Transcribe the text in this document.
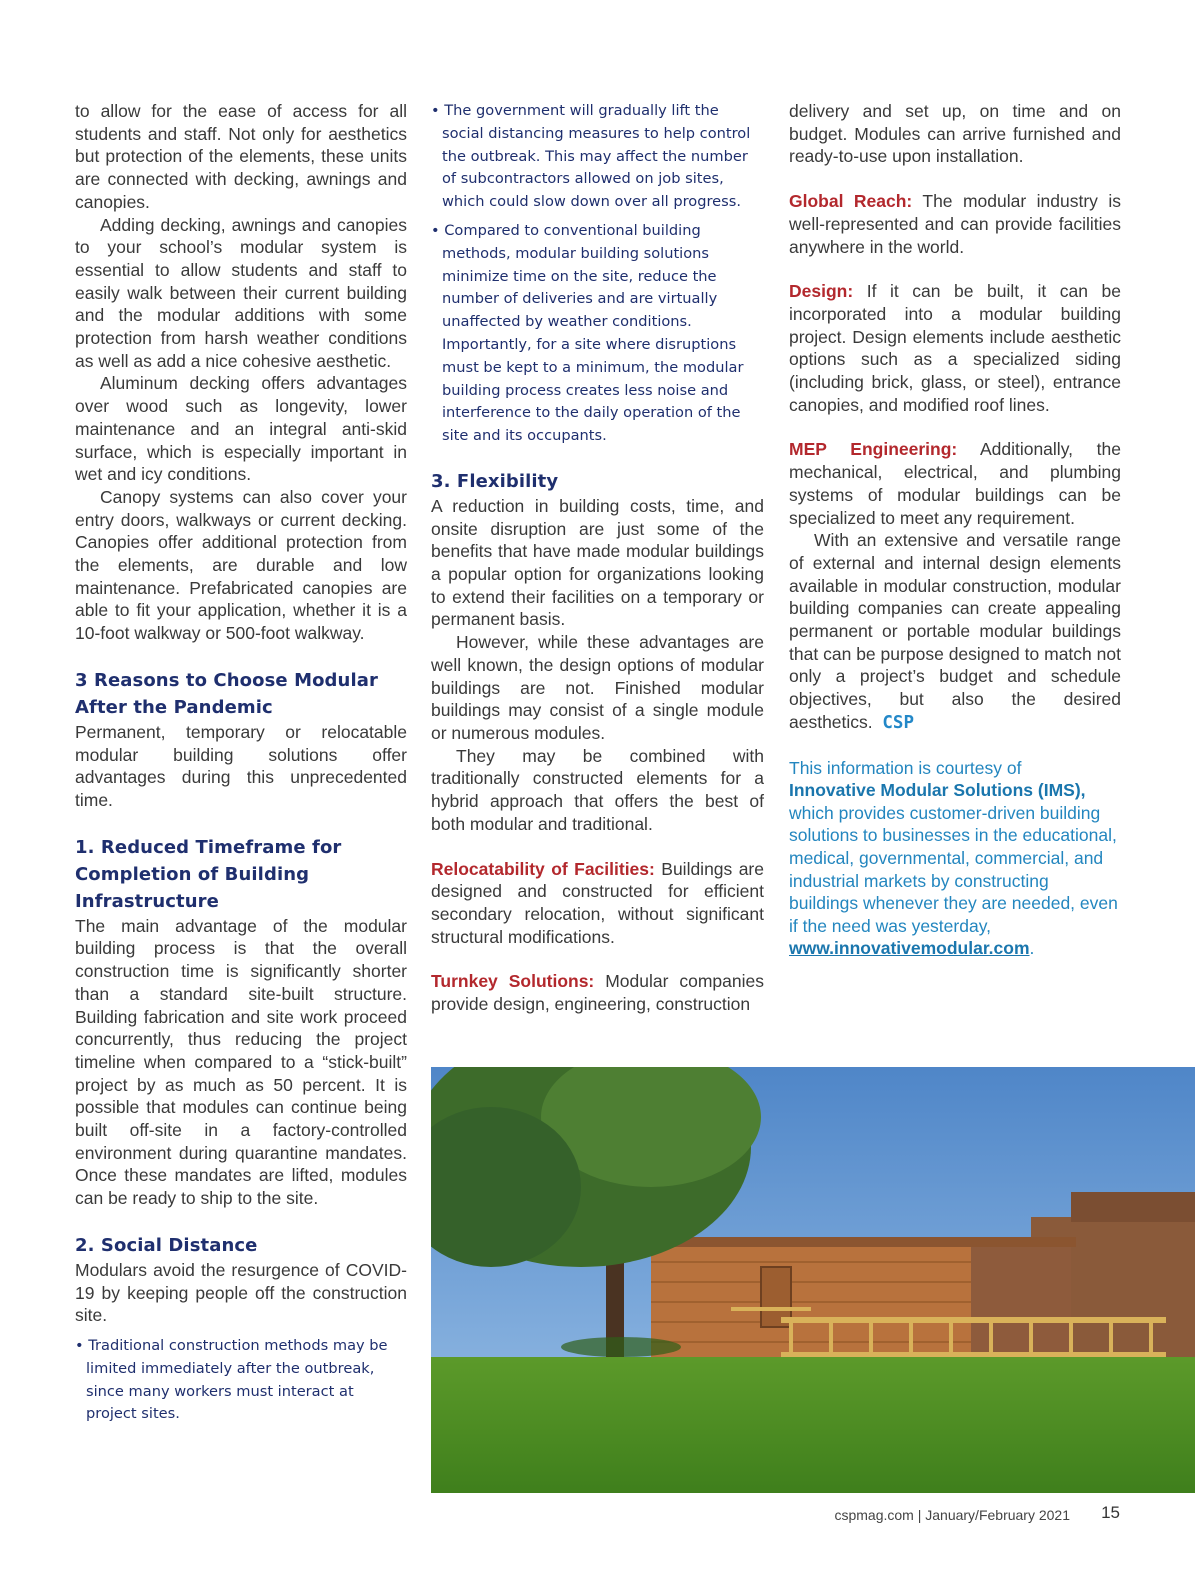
to allow for the ease of access for all students and staff. Not only for aesthetics but protection of the elements, these units are connected with decking, awnings and canopies.

Adding decking, awnings and canopies to your school’s modular system is essential to allow students and staff to easily walk between their current building and the modular additions with some protection from harsh weather conditions as well as add a nice cohesive aesthetic.

Aluminum decking offers advantages over wood such as longevity, lower maintenance and an integral anti-skid surface, which is especially important in wet and icy conditions.

Canopy systems can also cover your entry doors, walkways or current decking. Canopies offer additional protection from the elements, are durable and low maintenance. Prefabricated canopies are able to fit your application, whether it is a 10-foot walkway or 500-foot walkway.

3 Reasons to Choose Modular After the Pandemic

Permanent, temporary or relocatable modular building solutions offer advantages during this unprecedented time.

1. Reduced Timeframe for Completion of Building Infrastructure

The main advantage of the modular building process is that the overall construction time is significantly shorter than a standard site-built structure. Building fabrication and site work proceed concurrently, thus reducing the project timeline when compared to a “stick-built” project by as much as 50 percent. It is possible that modules can continue being built off-site in a factory-controlled environment during quarantine mandates. Once these mandates are lifted, modules can be ready to ship to the site.

2. Social Distance

Modulars avoid the resurgence of COVID-19 by keeping people off the construction site.

• Traditional construction methods may be limited immediately after the outbreak, since many workers must interact at project sites.
• The government will gradually lift the social distancing measures to help control the outbreak. This may affect the number of subcontractors allowed on job sites, which could slow down over all progress.
• Compared to conventional building methods, modular building solutions minimize time on the site, reduce the number of deliveries and are virtually unaffected by weather conditions. Importantly, for a site where disruptions must be kept to a minimum, the modular building process creates less noise and interference to the daily operation of the site and its occupants.
3. Flexibility

A reduction in building costs, time, and onsite disruption are just some of the benefits that have made modular buildings a popular option for organizations looking to extend their facilities on a temporary or permanent basis.

However, while these advantages are well known, the design options of modular buildings are not. Finished modular buildings may consist of a single module or numerous modules.

They may be combined with traditionally constructed elements for a hybrid approach that offers the best of both modular and traditional.

Relocatability of Facilities: Buildings are designed and constructed for efficient secondary relocation, without significant structural modifications.

Turnkey Solutions: Modular companies provide design, engineering, construction

delivery and set up, on time and on budget. Modules can arrive furnished and ready-to-use upon installation.

Global Reach: The modular industry is well-represented and can provide facilities anywhere in the world.

Design: If it can be built, it can be incorporated into a modular building project. Design elements include aesthetic options such as a specialized siding (including brick, glass, or steel), entrance canopies, and modified roof lines.

MEP Engineering: Additionally, the mechanical, electrical, and plumbing systems of modular buildings can be specialized to meet any requirement.

With an extensive and versatile range of external and internal design elements available in modular construction, modular building companies can create appealing permanent or portable modular buildings that can be purpose designed to match not only a project’s budget and schedule objectives, but also the desired aesthetics. CSP

This information is courtesy of
Innovative Modular Solutions (IMS), which provides customer-driven building solutions to businesses in the educational, medical, governmental, commercial, and industrial markets by constructing buildings whenever they are needed, even if the need was yesterday, www.innovativemodular.com.

cspmag.com | January/February 2021 15
